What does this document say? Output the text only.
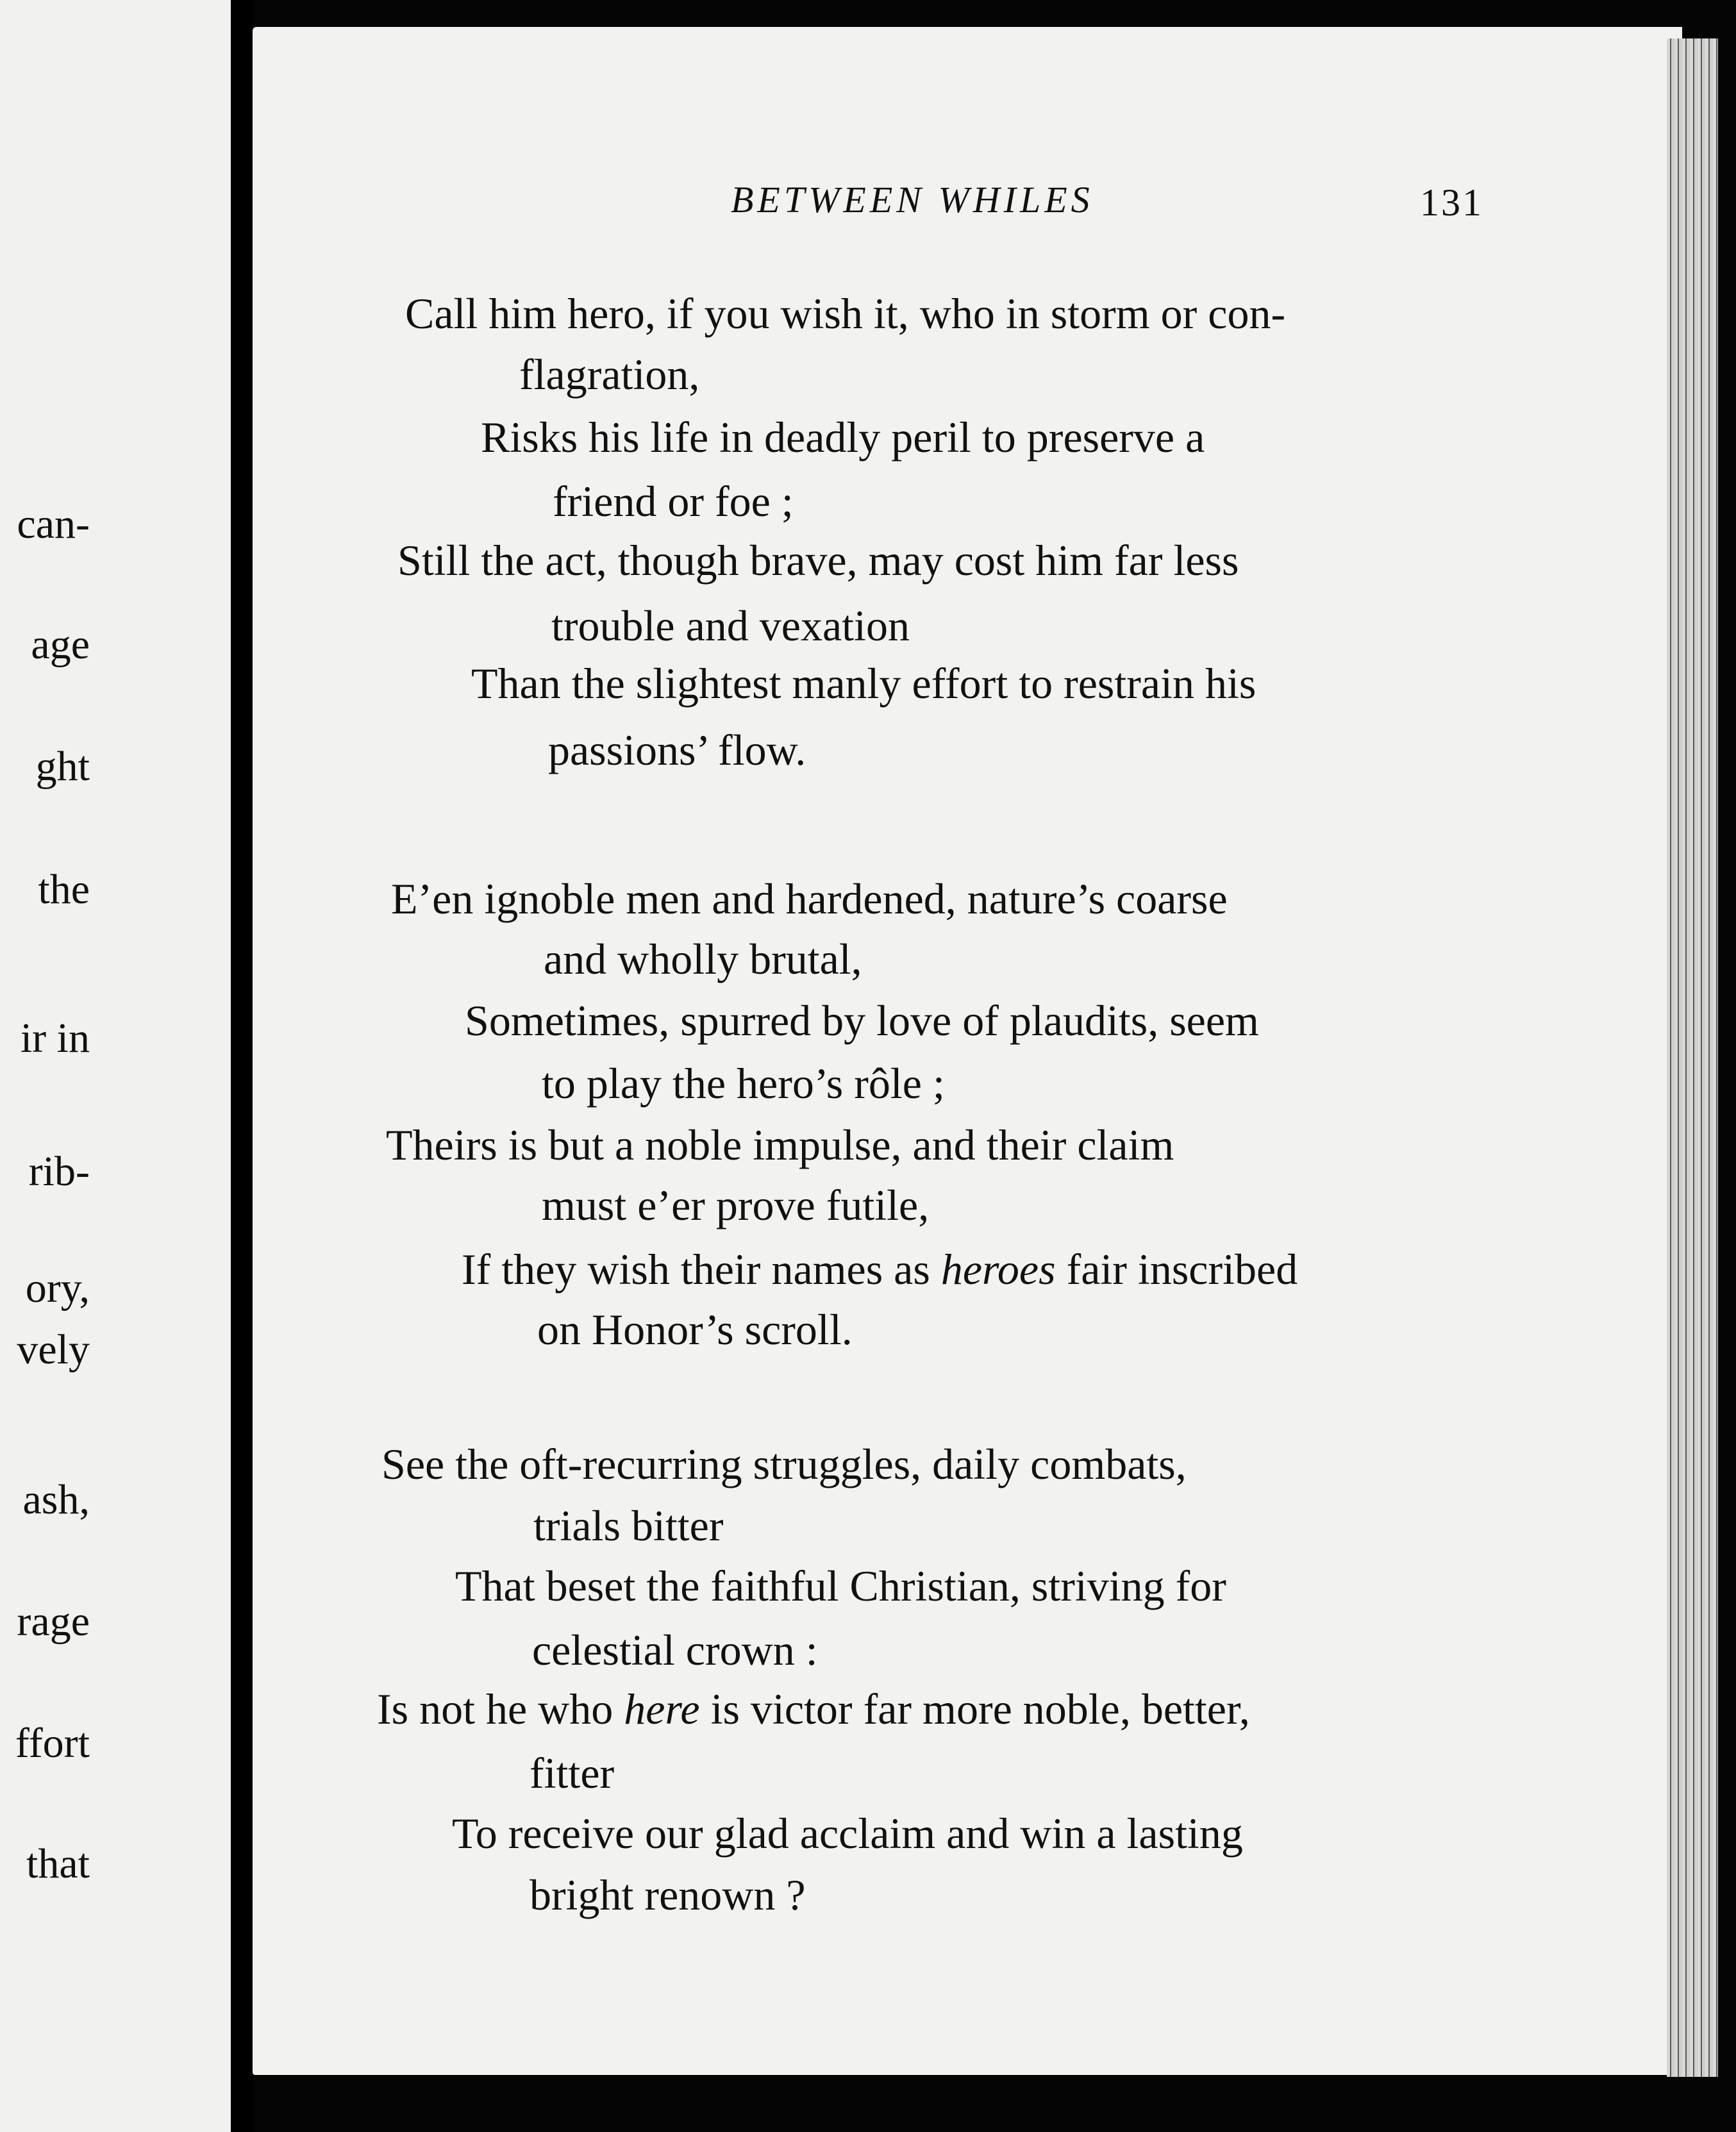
can-
age
ght
the
ir in
rib-
ory,
vely
ash,
rage
ffort
that
BETWEEN WHILES	131
Call him hero, if you wish it, who in storm or con-
flagration,
Risks his life in deadly peril to preserve a
friend or foe ;
Still the act, though brave, may cost him far less
trouble and vexation
Than the slightest manly effort to restrain his
passions’ flow.
E’en ignoble men and hardened, nature’s coarse
and wholly brutal,
Sometimes, spurred by love of plaudits, seem
to play the hero’s rôle ;
Theirs is but a noble impulse, and their claim
must e’er prove futile,
If they wish their names as heroes fair inscribed
on Honor’s scroll.
See the oft-recurring struggles, daily combats,
trials bitter
That beset the faithful Christian, striving for
celestial crown :
Is not he who here is victor far more noble, better,
fitter
To receive our glad acclaim and win a lasting
bright renown ?
